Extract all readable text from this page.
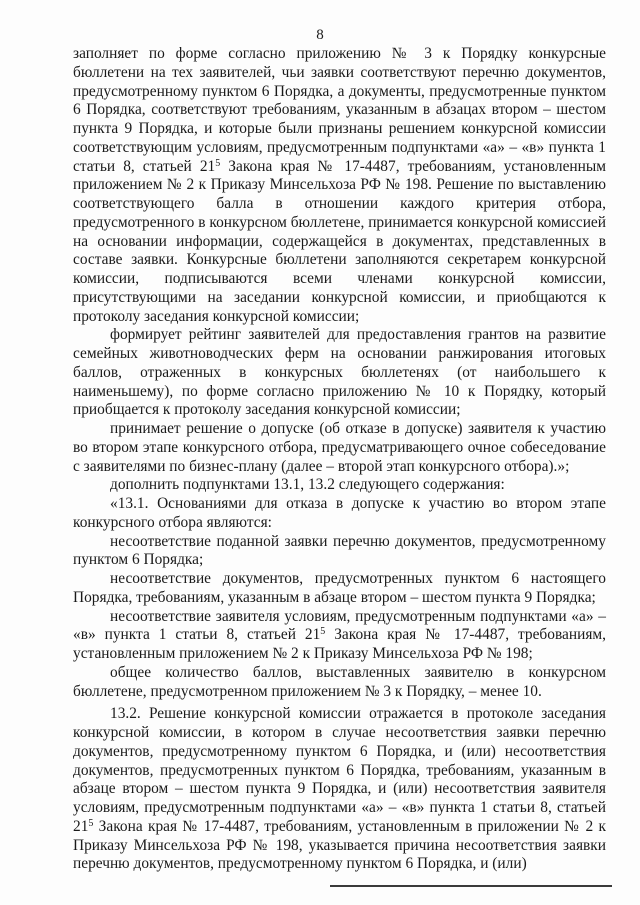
8

заполняет по форме согласно приложению № 3 к Порядку конкурсные бюллетени на тех заявителей, чьи заявки соответствуют перечню документов, предусмотренному пунктом 6 Порядка, а документы, предусмотренные пунктом 6 Порядка, соответствуют требованиям, указанным в абзацах втором – шестом пункта 9 Порядка, и которые были признаны решением конкурсной комиссии соответствующим условиям, предусмотренным подпунктами «а» – «в» пункта 1 статьи 8, статьей $21^5$ Закона края № 17-4487, требованиям, установленным приложением № 2 к Приказу Минсельхоза РФ № 198. Решение по выставлению соответствующего балла в отношении каждого критерия отбора, предусмотренного в конкурсном бюллетене, принимается конкурсной комиссией на основании информации, содержащейся в документах, представленных в составе заявки. Конкурсные бюллетени заполняются секретарем конкурсной комиссии, подписываются всеми членами конкурсной комиссии, присутствующими на заседании конкурсной комиссии, и приобщаются к протоколу заседания конкурсной комиссии;

формирует рейтинг заявителей для предоставления грантов на развитие семейных животноводческих ферм на основании ранжирования итоговых баллов, отраженных в конкурсных бюллетенях (от наибольшего к наименьшему), по форме согласно приложению № 10 к Порядку, который приобщается к протоколу заседания конкурсной комиссии;

принимает решение о допуске (об отказе в допуске) заявителя к участию во втором этапе конкурсного отбора, предусматривающего очное собеседование с заявителями по бизнес-плану (далее – второй этап конкурсного отбора).»;

дополнить подпунктами 13.1, 13.2 следующего содержания:

«13.1. Основаниями для отказа в допуске к участию во втором этапе конкурсного отбора являются:

несоответствие поданной заявки перечню документов, предусмотренному пунктом 6 Порядка;

несоответствие документов, предусмотренных пунктом 6 настоящего Порядка, требованиям, указанным в абзаце втором – шестом пункта 9 Порядка;

несоответствие заявителя условиям, предусмотренным подпунктами «а» – «в» пункта 1 статьи 8, статьей $21^5$ Закона края № 17-4487, требованиям, установленным приложением № 2 к Приказу Минсельхоза РФ № 198;

общее количество баллов, выставленных заявителю в конкурсном бюллетене, предусмотренном приложением № 3 к Порядку, – менее 10.

13.2. Решение конкурсной комиссии отражается в протоколе заседания конкурсной комиссии, в котором в случае несоответствия заявки перечню документов, предусмотренному пунктом 6 Порядка, и (или) несоответствия документов, предусмотренных пунктом 6 Порядка, требованиям, указанным в абзаце втором – шестом пункта 9 Порядка, и (или) несоответствия заявителя условиям, предусмотренным подпунктами «а» – «в» пункта 1 статьи 8, статьей $21^5$ Закона края № 17-4487, требованиям, установленным в приложении № 2 к Приказу Минсельхоза РФ № 198, указывается причина несоответствия заявки перечню документов, предусмотренному пунктом 6 Порядка, и (или)
